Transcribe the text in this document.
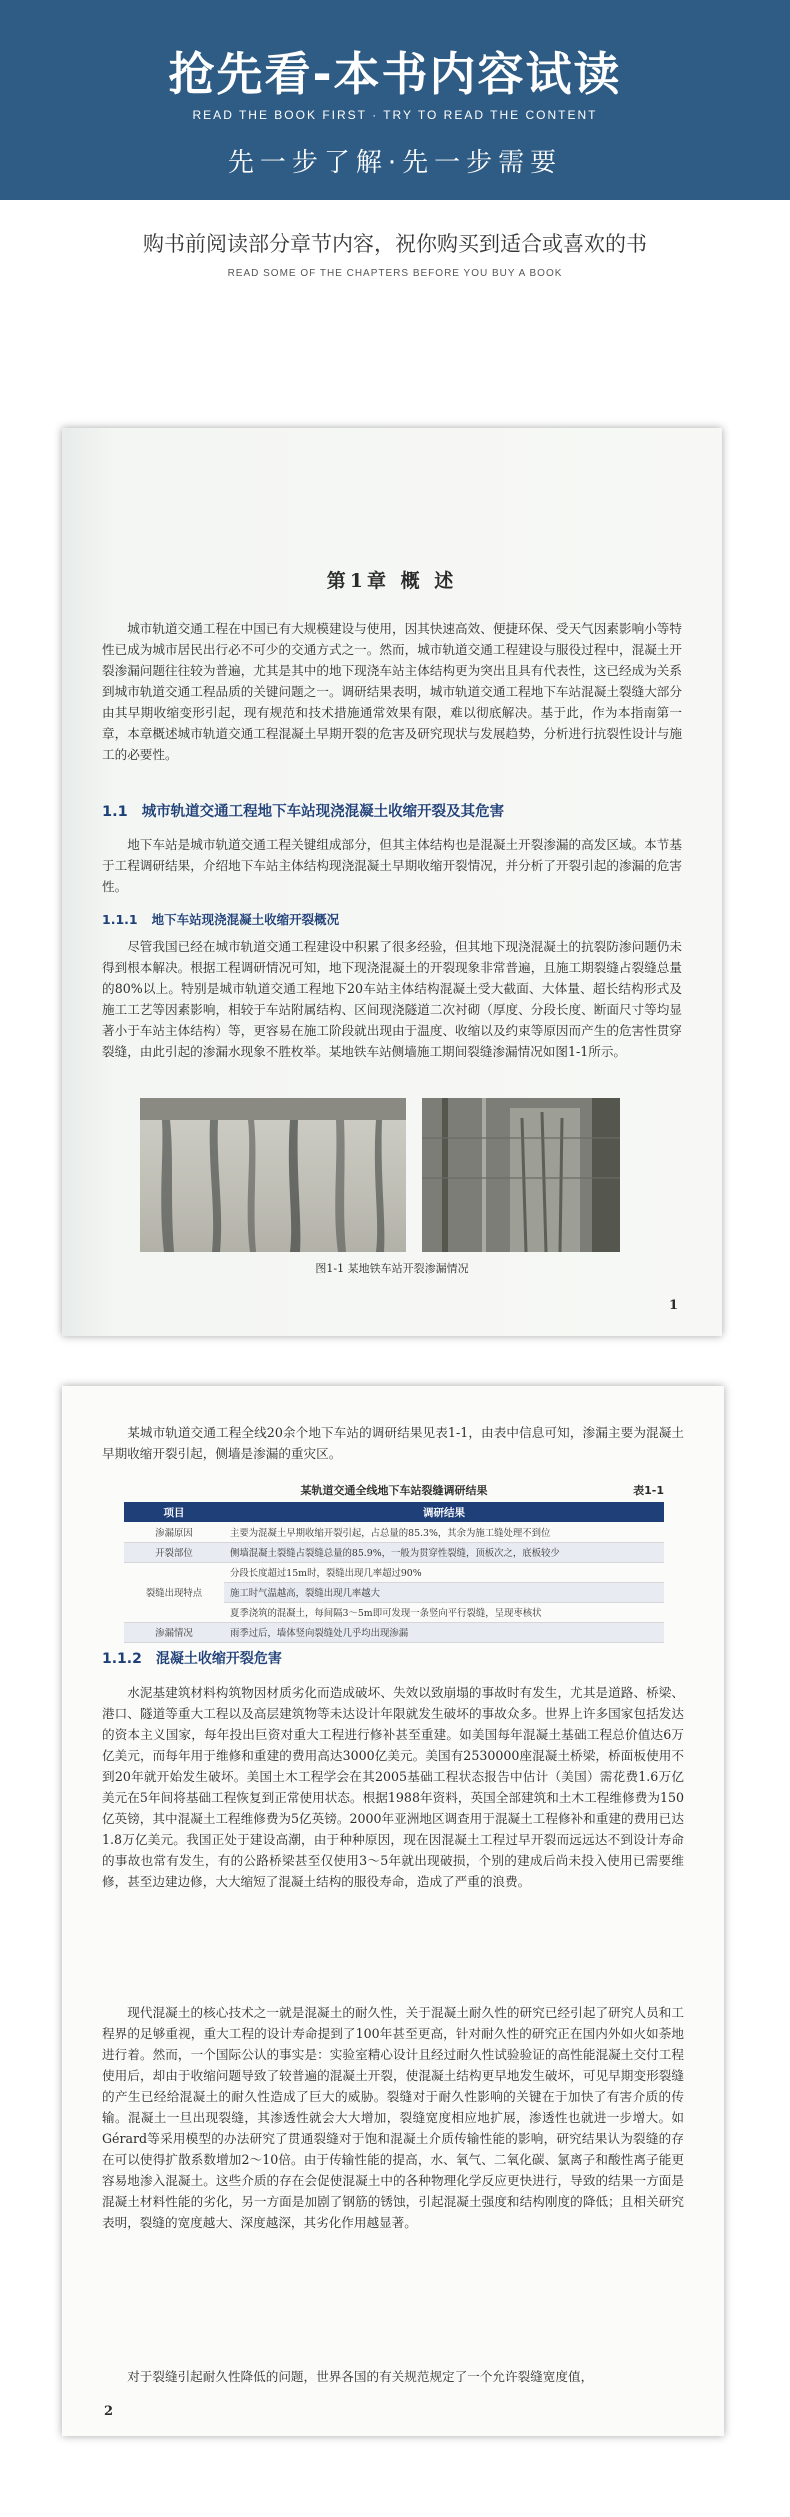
抢先看-本书内容试读
READ THE BOOK FIRST · TRY TO READ THE CONTENT
先一步了解·先一步需要
购书前阅读部分章节内容，祝你购买到适合或喜欢的书
READ SOME OF THE CHAPTERS BEFORE YOU BUY A BOOK
第1章 概 述

城市轨道交通工程在中国已有大规模建设与使用，因其快速高效、便捷环保、受天气因素影响小等特性已成为城市居民出行必不可少的交通方式之一。然而，城市轨道交通工程建设与服役过程中，混凝土开裂渗漏问题往往较为普遍，尤其是其中的地下现浇车站主体结构更为突出且具有代表性，这已经成为关系到城市轨道交通工程品质的关键问题之一。调研结果表明，城市轨道交通工程地下车站混凝土裂缝大部分由其早期收缩变形引起，现有规范和技术措施通常效果有限，难以彻底解决。基于此，作为本指南第一章，本章概述城市轨道交通工程混凝土早期开裂的危害及研究现状与发展趋势，分析进行抗裂性设计与施工的必要性。

1.1 城市轨道交通工程地下车站现浇混凝土收缩开裂及其危害

地下车站是城市轨道交通工程关键组成部分，但其主体结构也是混凝土开裂渗漏的高发区域。本节基于工程调研结果，介绍地下车站主体结构现浇混凝土早期收缩开裂情况，并分析了开裂引起的渗漏的危害性。

1.1.1 地下车站现浇混凝土收缩开裂概况

尽管我国已经在城市轨道交通工程建设中积累了很多经验，但其地下现浇混凝土的抗裂防渗问题仍未得到根本解决。根据工程调研情况可知，地下现浇混凝土的开裂现象非常普遍，且施工期裂缝占裂缝总量的80%以上。特别是城市轨道交通工程地下20车站主体结构混凝土受大截面、大体量、超长结构形式及施工工艺等因素影响，相较于车站附属结构、区间现浇隧道二次衬砌（厚度、分段长度、断面尺寸等均显著小于车站主体结构）等，更容易在施工阶段就出现由于温度、收缩以及约束等原因而产生的危害性贯穿裂缝，由此引起的渗漏水现象不胜枚举。某地铁车站侧墙施工期间裂缝渗漏情况如图1-1所示。

图1-1 某地铁车站开裂渗漏情况
1

某城市轨道交通工程全线20余个地下车站的调研结果见表1-1，由表中信息可知，渗漏主要为混凝土早期收缩开裂引起，侧墙是渗漏的重灾区。

某轨道交通全线地下车站裂缝调研结果	表1-1
项目	调研结果
渗漏原因	主要为混凝土早期收缩开裂引起，占总量的85.3%，其余为施工缝处理不到位
开裂部位	侧墙混凝土裂缝占裂缝总量的85.9%，一般为贯穿性裂缝，顶板次之，底板较少
裂缝出现特点	分段长度超过15m时，裂缝出现几率超过90%
	施工时气温越高，裂缝出现几率越大
	夏季浇筑的混凝土，每间隔3～5m即可发现一条竖向平行裂缝，呈现枣核状
渗漏情况	雨季过后，墙体竖向裂缝处几乎均出现渗漏
1.1.2 混凝土收缩开裂危害

水泥基建筑材料构筑物因材质劣化而造成破坏、失效以致崩塌的事故时有发生，尤其是道路、桥梁、港口、隧道等重大工程以及高层建筑物等未达设计年限就发生破坏的事故众多。世界上许多国家包括发达的资本主义国家，每年投出巨资对重大工程进行修补甚至重建。如美国每年混凝土基础工程总价值达6万亿美元，而每年用于维修和重建的费用高达3000亿美元。美国有2530000座混凝土桥梁，桥面板使用不到20年就开始发生破坏。美国土木工程学会在其2005基础工程状态报告中估计（美国）需花费1.6万亿美元在5年间将基础工程恢复到正常使用状态。根据1988年资料，英国全部建筑和土木工程维修费为150亿英镑，其中混凝土工程维修费为5亿英镑。2000年亚洲地区调查用于混凝土工程修补和重建的费用已达1.8万亿美元。我国正处于建设高潮，由于种种原因，现在因混凝土工程过早开裂而远远达不到设计寿命的事故也常有发生，有的公路桥梁甚至仅使用3～5年就出现破损，个别的建成后尚未投入使用已需要维修，甚至边建边修，大大缩短了混凝土结构的服役寿命，造成了严重的浪费。

现代混凝土的核心技术之一就是混凝土的耐久性，关于混凝土耐久性的研究已经引起了研究人员和工程界的足够重视，重大工程的设计寿命提到了100年甚至更高，针对耐久性的研究正在国内外如火如荼地进行着。然而，一个国际公认的事实是：实验室精心设计且经过耐久性试验验证的高性能混凝土交付工程使用后，却由于收缩问题导致了较普遍的混凝土开裂，使混凝土结构更早地发生破坏，可见早期变形裂缝的产生已经给混凝土的耐久性造成了巨大的威胁。裂缝对于耐久性影响的关键在于加快了有害介质的传输。混凝土一旦出现裂缝，其渗透性就会大大增加，裂缝宽度相应地扩展，渗透性也就进一步增大。如Gérard等采用模型的办法研究了贯通裂缝对于饱和混凝土介质传输性能的影响，研究结果认为裂缝的存在可以使得扩散系数增加2～10倍。由于传输性能的提高，水、氧气、二氧化碳、氯离子和酸性离子能更容易地渗入混凝土。这些介质的存在会促使混凝土中的各种物理化学反应更快进行，导致的结果一方面是混凝土材料性能的劣化，另一方面是加剧了钢筋的锈蚀，引起混凝土强度和结构刚度的降低；且相关研究表明，裂缝的宽度越大、深度越深，其劣化作用越显著。

对于裂缝引起耐久性降低的问题，世界各国的有关规范规定了一个允许裂缝宽度值，

2
